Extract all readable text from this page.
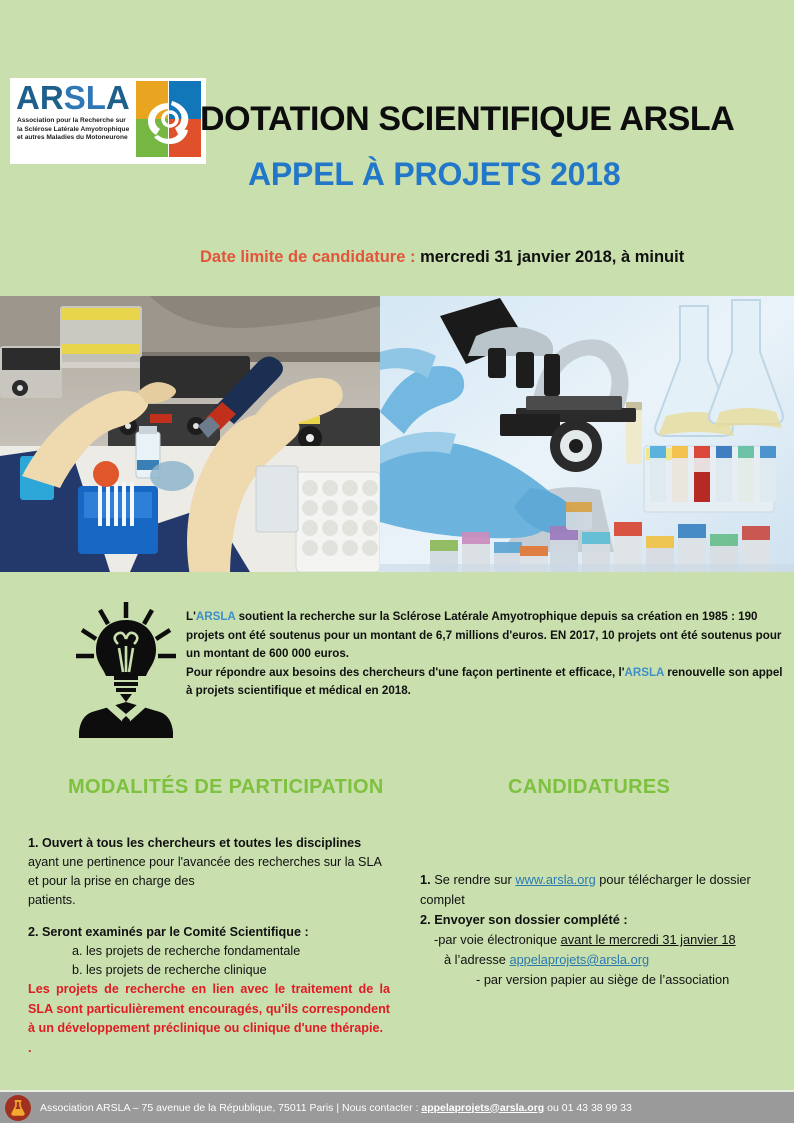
ARSLA
Association pour la Recherche sur
la Sclérose Latérale Amyotrophique
et autres Maladies du Motoneurone DOTATION SCIENTIFIQUE ARSLA
APPEL À PROJETS 2018
Date limite de candidature : mercredi 31 janvier 2018, à minuit

L'ARSLA soutient la recherche sur la Sclérose Latérale Amyotrophique depuis sa création en 1985 : 190 projets ont été soutenus pour un montant de 6,7 millions d'euros. EN 2017, 10 projets ont été soutenus pour un montant de 600 000 euros.

Pour répondre aux besoins des chercheurs d'une façon pertinente et efficace, l'ARSLA renouvelle son appel à projets scientifique et médical en 2018.

MODALITÉS DE PARTICIPATION	CANDIDATURES
1. Ouvert à tous les chercheurs et toutes les disciplines ayant une pertinence pour l'avancée des recherches sur la SLA et pour la prise en charge des
patients.
2. Seront examinés par le Comité Scientifique :
a. les projets de recherche fondamentale
b. les projets de recherche clinique
Les projets de recherche en lien avec le traitement de la SLA sont particulièrement encouragés, qu'ils correspondent à un développement préclinique ou clinique d'une thérapie.
.
1. Se rendre sur www.arsla.org pour télécharger le dossier complet
2. Envoyer son dossier complété :
-par voie électronique avant le mercredi 31 janvier 18
à l’adresse appelaprojets@arsla.org
- par version papier au siège de l’association
Association ARSLA – 75 avenue de la République, 75011 Paris | Nous contacter : appelaprojets@arsla.org ou 01 43 38 99 33
